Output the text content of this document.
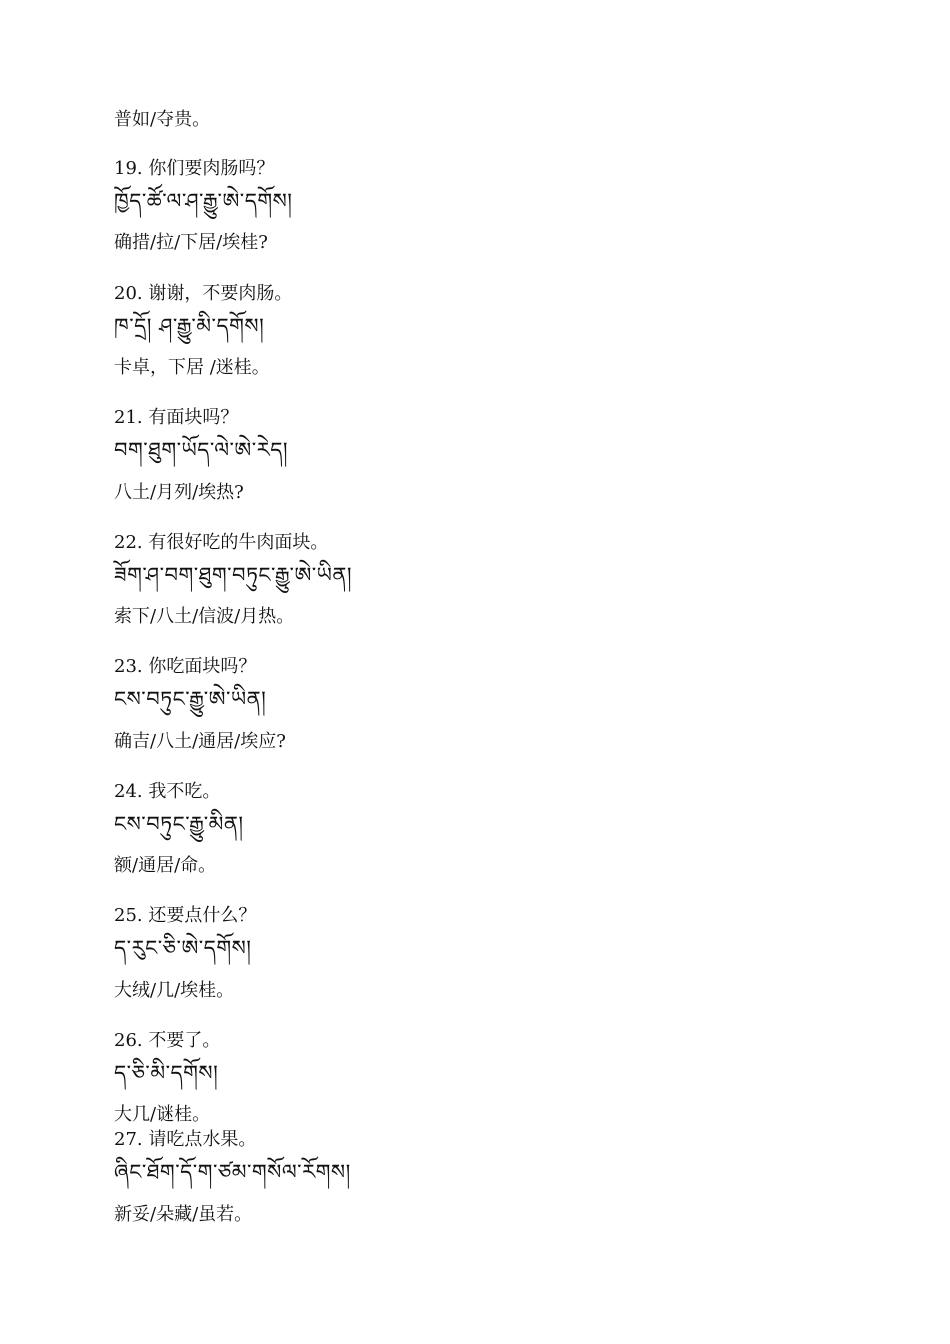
普如/夺贵。
19. 你们要肉肠吗？
ཁྱོད་ཚོ་ལ་ཤ་རྒྱུ་ཨེ་དགོས།
确措/拉/下居/埃桂?
20. 谢谢，不要肉肠。
ཁ་དྲོ། ཤ་རྒྱུ་མི་དགོས།
卡卓，下居 /迷桂。
21. 有面块吗？
བག་ཐུག་ཡོད་ལེ་ཨེ་རེད།
八土/月列/埃热?
22. 有很好吃的牛肉面块。
ཟོག་ཤ་བག་ཐུག་བཏུང་རྒྱུ་ཨེ་ཡིན།
索下/八土/信波/月热。
23. 你吃面块吗？
ངས་བཏུང་རྒྱུ་ཨེ་ཡིན།
确吉/八土/通居/埃应?
24. 我不吃。
ངས་བཏུང་རྒྱུ་མིན།
额/通居/命。
25. 还要点什么？
ད་རུང་ཅི་ཨེ་དགོས།
大绒/几/埃桂。
26. 不要了。
ད་ཅི་མི་དགོས།
大几/谜桂。
27. 请吃点水果。
ཞིང་ཐོག་དོ་ག་ཙམ་གསོལ་རོགས།
新妥/朵藏/虽若。
